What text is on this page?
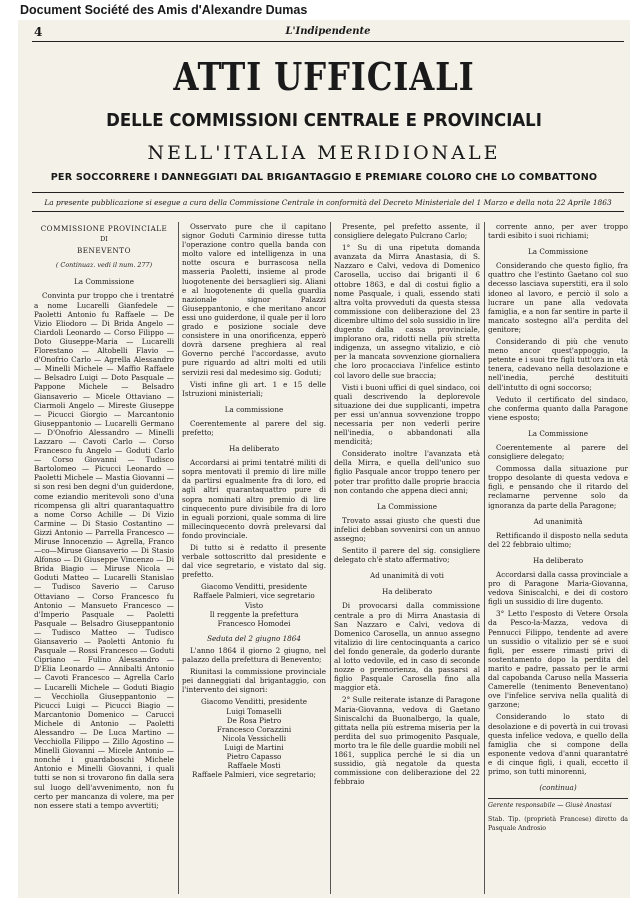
Document Société des Amis d'Alexandre Dumas
4	L'Indipendente
ATTI UFFICIALI
DELLE COMMISSIONI CENTRALE E PROVINCIALI
NELL'ITALIA MERIDIONALE
PER SOCCORRERE I DANNEGGIATI DAL BRIGANTAGGIO E PREMIARE COLORO CHE LO COMBATTONO
La presente pubblicazione si esegue a cura della Commissione Centrale in conformità del Decreto Ministeriale del 1 Marzo e della nota 22 Aprile 1863

COMMISSIONE PROVINCIALE

DI

BENEVENTO

( Continuaz. vedi il num. 277)

La Commissione

Convinta pur troppo che i trentatré a nome Lucarelli Gianfedele — Paoletti Antonio fu Raffaele — De Vizio Eliodoro — Di Brida Angelo — Ciardoli Leonardo — Corso Filippo — Doto Giuseppe-Maria — Lucarelli Florestano — Altobelli Flavio — d'Onofrio Carlo — Agrella Alessandro — Minelli Michele — Maffio Raffaele — Belsadro Luigi — Doto Pasquale — Pappone Michele — Belsadro Giansaverio — Micele Ottaviano — Ciarmoli Angelo — Mireste Giuseppe — Picucci Giorgio — Marcantonio Giuseppantonio — Lucarelli Germano — D'Onofrio Alessandro — Minelli Lazzaro — Cavoti Carlo — Corso Francesco fu Angelo — Goduti Carlo — Corso Giovanni — Tudisco Bartolomeo — Picucci Leonardo — Paoletti Michele — Mastia Giovanni — si son resi ben degni d'un guiderdone, come eziandio meritevoli sono d'una ricompensa gli altri quarantaquattro a nome Corso Achille — Di Vizio Carmine — Di Stasio Costantino — Gizzi Antonio — Parrella Francesco — Miruse Innocenzio — Agrella, Franco—co—Miruse Giansaverio — Di Stasio Alfonso — Di Giuseppe Vincenzo — Di Brida Biagio — Miruse Nicola — Goduti Matteo — Lucarelli Stanislao — Tudisco Saverio — Caruso Ottaviano — Corso Francesco fu Antonio — Mansueto Francesco — d'Imperio Pasquale — Paoletti Pasquale — Belsadro Giuseppantonio — Tudisco Matteo — Tudisco Giansaverio — Paoletti Antonio fu Pasquale — Rossi Francesco — Goduti Cipriano — Fulino Alessandro — D'Elia Leonardo — Annibalti Antonio — Cavoti Francesco — Agrella Carlo — Lucarelli Michele — Goduti Biagio — Vecchiolla Giuseppantonio — Picucci Luigi — Picucci Biagio — Marcantonio Domenico — Carucci Michele di Antonio — Paoletti Alessandro — De Luca Martino — Vecchiolla Filippo — Zillo Agostino — Minelli Giovanni — Micele Antonio — nonché i guardaboschi Michele Antonio e Minelli Giovanni, i quali tutti se non si trovarono fin dalla sera sul luogo dell'avvenimento, non fu certo per mancanza di volere, ma per non essere stati a tempo avvertiti;

Osservato pure che il capitano signor Goduti Carminio diresse tutta l'operazione contro quella banda con molto valore ed intelligenza in una notte oscura e burrascosa nella masseria Paoletti, insieme al prode luogotenente dei bersaglieri sig. Aliani e al luogotenente di quella guardia nazionale signor Palazzi Giuseppantonio, e che meritano ancor essi uno guiderdone, il quale per il loro grado e posizione sociale deve consistere in una onorificenza, epperò dovrà darsene preghiera al real Governo perché l'accordasse, avuto pure riguardo ad altri molti ed utili servizii resi dal medesimo sig. Goduti;

Visti infine gli art. 1 e 15 delle Istruzioni ministeriali;

La commissione

Coerentemente al parere del sig. prefetto;

Ha deliberato

Accordarsi ai primi tentatré militi di sopra mentovati il premio di lire mille da partirsi egualmente fra di loro, ed agli altri quarantaquattro pure di sopra nominati altro premio di lire cinquecento pure divisibile fra di loro in eguali porzioni, quale somma di lire millecinquecento dovrà prelevarsi dal fondo provinciale.

Di tutto si è redatto il presente verbale sottoscritto dal presidente e dal vice segretario, e vistato dal sig. prefetto.

Giacomo Venditti, presidente

Raffaele Palmieri, vice segretario

Visto

Il reggente la prefettura

Francesco Homodei

Seduta del 2 giugno 1864

L'anno 1864 il giorno 2 giugno, nel palazzo della prefettura di Benevento;

Riunitasi la commissione provinciale pei danneggiati dal brigantaggio, con l'intervento dei signori:

Giacomo Venditti, presidente

Luigi Tomaselli

De Rosa Pietro

Francesco Corazzini

Nicola Vessichelli

Luigi de Martini

Pietro Capasso

Raffaele Mosti

Raffaele Palmieri, vice segretario;

Presente, pel prefetto assente, il consigliere delegato Pulcrano Carlo;

1° Su di una ripetuta domanda avanzata da Mirra Anastasia, di S. Nazzaro e Calvi, vedova di Domenico Carosella, ucciso dai briganti il 6 ottobre 1863, e dal di costui figlio a nome Pasquale, i quali, essendo stati altra volta provveduti da questa stessa commissione con deliberazione del 23 dicembre ultimo del solo sussidio in lire dugento dalla cassa provinciale, implorano ora, ridotti nella più stretta indigenza, un assegno vitalizio, e ciò per la mancata sovvenzione giornaliera che loro procacciava l'infelice estinto col lavoro delle sue braccia;

Visti i buoni uffici di quel sindaco, coi quali descrivendo la deplorevole situazione dei due supplicanti, impetra per essi un'annua sovvenzione troppo necessaria per non vederli perire nell'inedia, o abbandonati alla mendicità;

Considerato inoltre l'avanzata età della Mirra, e quella dell'unico suo figlio Pasquale ancor troppo tenero per poter trar profitto dalle proprie braccia non contando che appena dieci anni;

La Commissione

Trovato assai giusto che questi due infelici debban sovvenirsi con un annuo assegno;

Sentito il parere del sig. consigliere delegato ch'è stato affermativo;

Ad unanimità di voti

Ha deliberato

Di provocarsi dalla commissione centrale a pro di Mirra Anastasia di San Nazzaro e Calvi, vedova di Domenico Carosella, un annuo assegno vitalizio di lire centocinquanta a carico del fondo generale, da goderlo durante al lotto vedovile, ed in caso di seconde nozze o premorienza, da passarsi al figlio Pasquale Carosella fino alla maggior età.

2° Sulle reiterate istanze di Paragone Maria-Giovanna, vedova di Gaetano Siniscalchi da Buonalbergo, la quale, gittata nella più estrema miseria per la perdita del suo primogenito Pasquale, morto tra le file delle guardie mobili nel 1861, supplica perché le si dia un sussidio, già negatole da questa commissione con deliberazione del 22 febbraio

corrente anno, per aver troppo tardi esibito i suoi richiami;

La Commissione

Considerando che questo figlio, fra quattro che l'estinto Gaetano col suo decesso lasciava superstiti, era il solo idoneo al lavoro, e perciò il solo a lucrare un pane alla vedovata famiglia, e a non far sentire in parte il mancato sostegno all'a perdita del genitore;

Considerando di più che venuto meno ancor quest'appoggio, la petente e i suoi tre figli tutt'ora in età tenera, cadevano nella desolazione e nell'inedia, perché destituiti dell'intutto di ogni soccorso;

Veduto il certificato del sindaco, che conferma quanto dalla Paragone viene esposto;

La Commissione

Coerentemente al parere del consigliere delegato;

Commossa dalla situazione pur troppo desolante di questa vedova e figli, e pensando che il ritardo del reclamarne pervenne solo da ignoranza da parte della Paragone;

Ad unanimità

Rettificando il disposto nella seduta del 22 febbraio ultimo;

Ha deliberato

Accordarsi dalla cassa provinciale a pro di Paragone Maria-Giovanna, vedova Siniscalchi, e dei di costoro figli un sussidio di lire dugento.

3° Letto l'esposto di Vetere Orsola da Pesco-la-Mazza, vedova di Pennucci Filippo, tendente ad avere un sussidio o vitalizio per sé e suoi figli, per essere rimasti privi di sostentamento dopo la perdita del marito e padre, passato per le armi dal capobanda Caruso nella Masseria Camerelle (tenimento Beneventano) ove l'infelice serviva nella qualità di garzone;

Considerando lo stato di desolazione e di povertà in cui trovasi questa infelice vedova, e quello della famiglia che si compone della esponente vedova d'anni quarantatré e di cinque figli, i quali, eccetto il primo, son tutti minorenni,

(continua)

Gerente responsabile — Giusè Anastasi

Stab. Tip. (proprietà Francese) diretto da Pasquale Androsio
